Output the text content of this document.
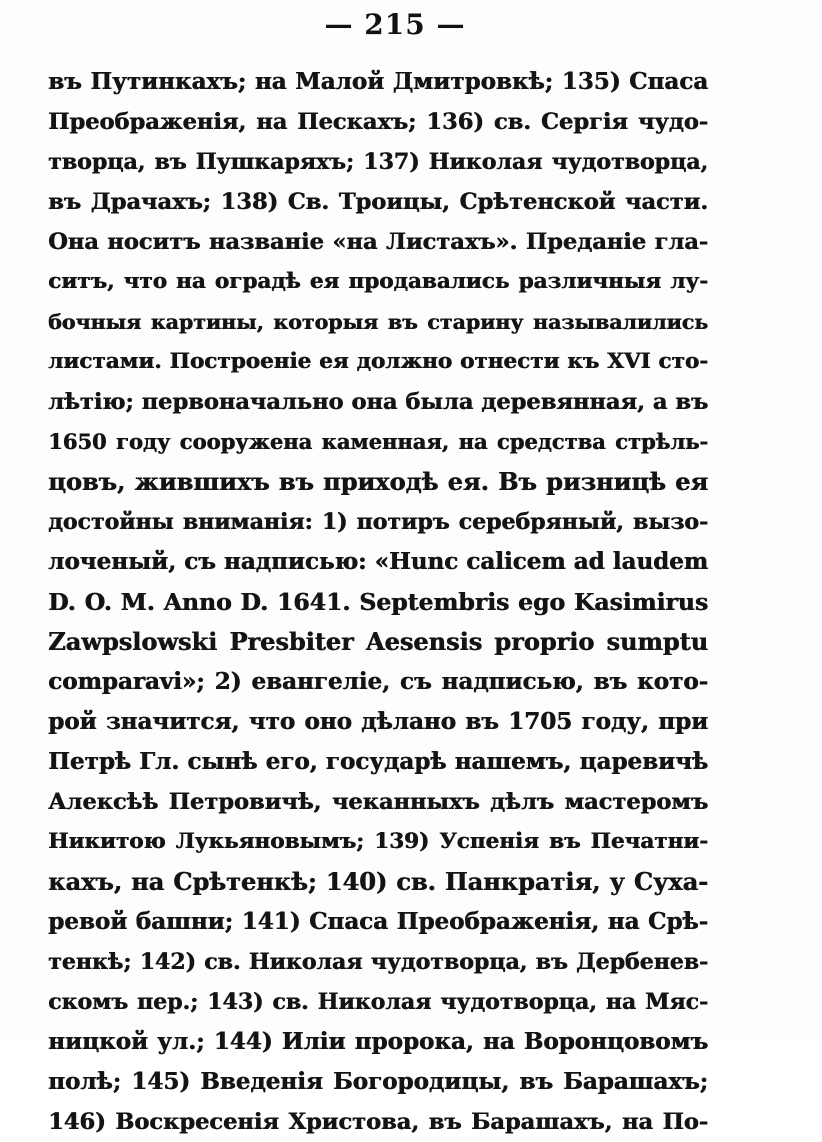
— 215 —
въ Путинкахъ; на Малой Дмитровкѣ; 135) Спаса
Преображенія, на Пескахъ; 136) св. Сергія чудо-
творца, въ Пушкаряхъ; 137) Николая чудотворца,
въ Драчахъ; 138) Св. Троицы, Срѣтенской части.
Она носитъ названіе «на Листахъ». Преданіе гла-
ситъ, что на оградѣ ея продавались различныя лу-
бочныя картины, которыя въ старину называлились
листами. Построеніе ея должно отнести къ XVI сто-
лѣтію; первоначально она была деревянная, а въ
1650 году сооружена каменная, на средства стрѣль-
цовъ, жившихъ въ приходѣ ея. Въ ризницѣ ея
достойны вниманія: 1) потиръ серебряный, вызо-
лоченый, съ надписью: «Hunc calicem ad laudem
D. O. M. Anno D. 1641. Septembris ego Kasimirus
Zawpslowski Presbiter Aesensis propriо sumptu
comparavi»; 2) евангеліе, съ надписью, въ кото-
рой значится, что оно дѣлано въ 1705 году, при
Петрѣ Гл. сынѣ его, государѣ нашемъ, царевичѣ
Алексѣѣ Петровичѣ, чеканныхъ дѣлъ мастеромъ
Никитою Лукьяновымъ; 139) Успенія въ Печатни-
кахъ, на Срѣтенкѣ; 140) св. Панкратія, у Суха-
ревой башни; 141) Спаса Преображенія, на Срѣ-
тенкѣ; 142) св. Николая чудотворца, въ Дербенев-
скомъ пер.; 143) св. Николая чудотворца, на Мяс-
ницкой ул.; 144) Иліи пророка, на Воронцовомъ
полѣ; 145) Введенія Богородицы, въ Барашахъ;
146) Воскресенія Христова, въ Барашахъ, на По-
